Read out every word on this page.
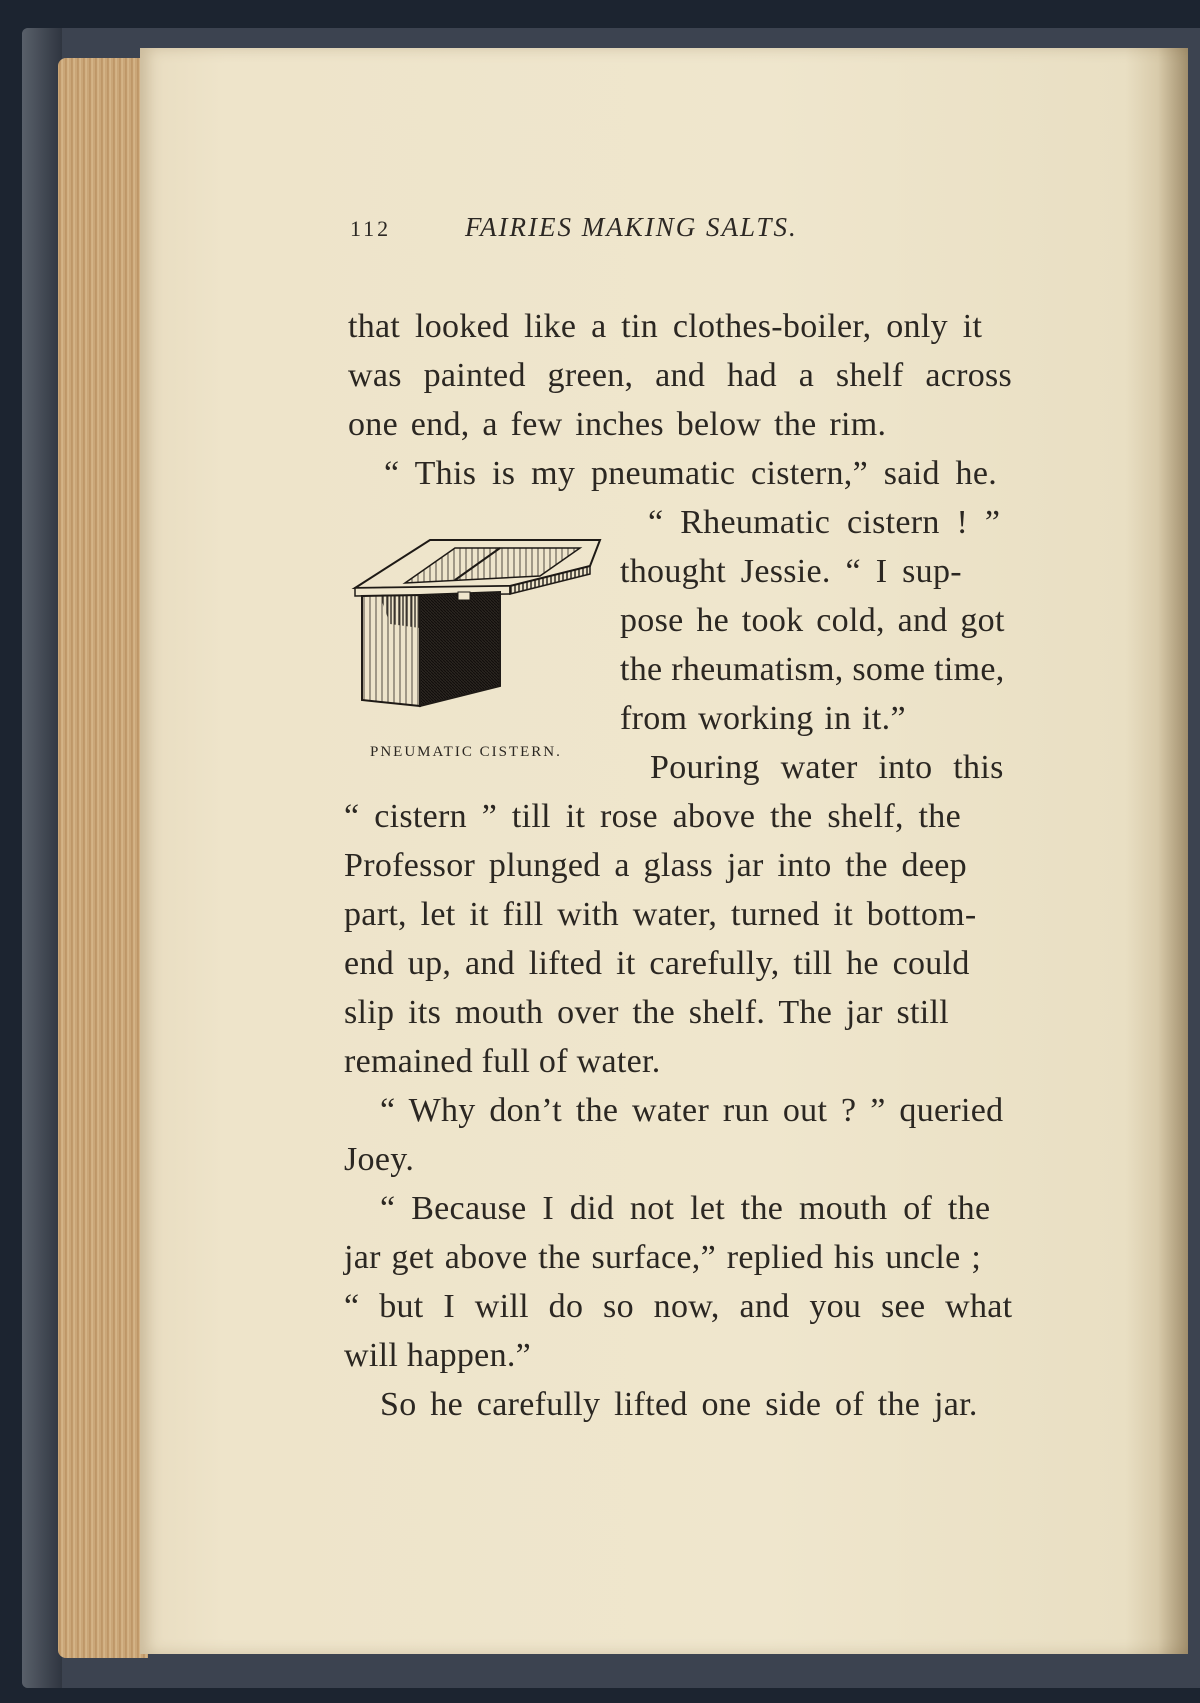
112	FAIRIES MAKING SALTS.
that looked like a tin clothes-boiler, only it
was painted green, and had a shelf across
one end, a few inches below the rim.
“ This is my pneumatic cistern,” said he.
“ Rheumatic cistern ! ”
thought Jessie. “ I sup-
pose he took cold, and got
the rheumatism, some time,
from working in it.”
Pouring water into this
“ cistern ” till it rose above the shelf, the
Professor plunged a glass jar into the deep
part, let it fill with water, turned it bottom-
end up, and lifted it carefully, till he could
slip its mouth over the shelf. The jar still
remained full of water.
“ Why don’t the water run out ? ” queried
Joey.
“ Because I did not let the mouth of the
jar get above the surface,” replied his uncle ;
“ but I will do so now, and you see what
will happen.”
So he carefully lifted one side of the jar.
PNEUMATIC CISTERN.
